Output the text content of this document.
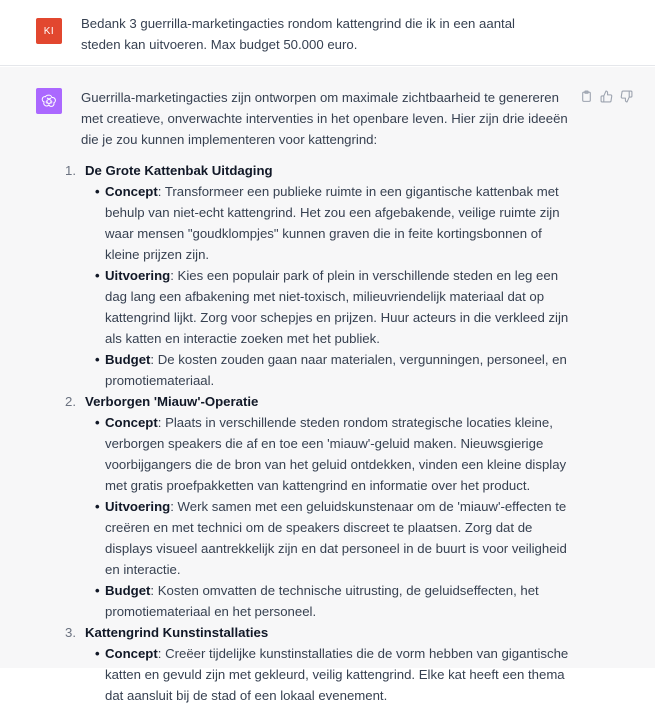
KI	Bedank 3 guerrilla-marketingacties rondom kattengrind die ik in een aantal steden kan uitvoeren. Max budget 50.000 euro.

Guerrilla-marketingacties zijn ontworpen om maximale zichtbaarheid te genereren met creatieve, onverwachte interventies in het openbare leven. Hier zijn drie ideeën die je zou kunnen implementeren voor kattengrind:

1. De Grote Kattenbak Uitdaging
• Concept: Transformeer een publieke ruimte in een gigantische kattenbak met behulp van niet-echt kattengrind. Het zou een afgebakende, veilige ruimte zijn waar mensen "goudklompjes" kunnen graven die in feite kortingsbonnen of kleine prijzen zijn.
• Uitvoering: Kies een populair park of plein in verschillende steden en leg een dag lang een afbakening met niet-toxisch, milieuvriendelijk materiaal dat op kattengrind lijkt. Zorg voor schepjes en prijzen. Huur acteurs in die verkleed zijn als katten en interactie zoeken met het publiek.
• Budget: De kosten zouden gaan naar materialen, vergunningen, personeel, en promotiemateriaal.
2. Verborgen 'Miauw'-Operatie
• Concept: Plaats in verschillende steden rondom strategische locaties kleine, verborgen speakers die af en toe een 'miauw'-geluid maken. Nieuwsgierige voorbijgangers die de bron van het geluid ontdekken, vinden een kleine display met gratis proefpakketten van kattengrind en informatie over het product.
• Uitvoering: Werk samen met een geluidskunstenaar om de 'miauw'-effecten te creëren en met technici om de speakers discreet te plaatsen. Zorg dat de displays visueel aantrekkelijk zijn en dat personeel in de buurt is voor veiligheid en interactie.
• Budget: Kosten omvatten de technische uitrusting, de geluidseffecten, het promotiemateriaal en het personeel.
3. Kattengrind Kunstinstallaties
• Concept: Creëer tijdelijke kunstinstallaties die de vorm hebben van gigantische katten en gevuld zijn met gekleurd, veilig kattengrind. Elke kat heeft een thema dat aansluit bij de stad of een lokaal evenement.
